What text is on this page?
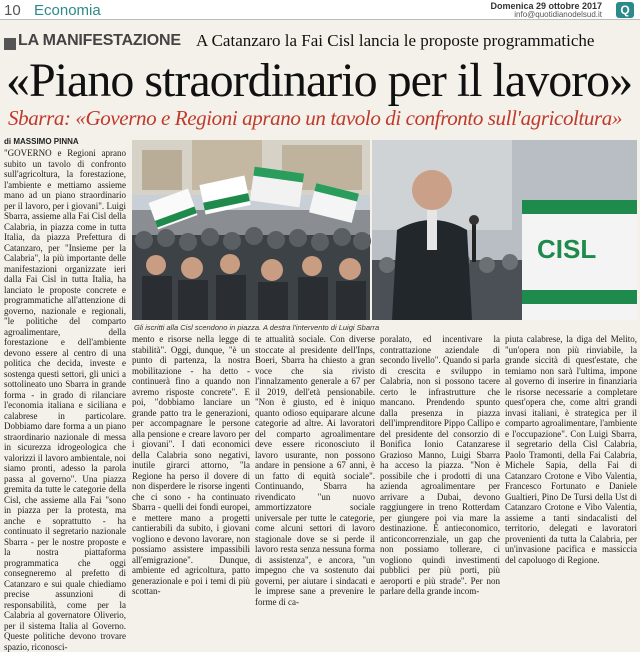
10 Economia	Domenica 29 ottobre 2017
info@quotidianodelsud.it	Q
LA MANIFESTAZIONE A Catanzaro la Fai Cisl lancia le proposte programmatiche
«Piano straordinario per il lavoro»
Sbarra: «Governo e Regioni aprano un tavolo di confronto sull'agricoltura»
di MASSIMO PINNA
CISL
Gli iscritti alla Cisl scendono in piazza. A destra l'intervento di Luigi Sbarra
"GOVERNO e Regioni aprano subito un tavolo di confronto sull'agricoltura, la forestazione, l'ambiente e mettiamo assieme mano ad un piano straordinario per il lavoro, per i giovani". Luigi Sbarra, assieme alla Fai Cisl della Calabria, in piazza come in tutta Italia, da piazza Prefettura di Catanzaro, per "Insieme per la Calabria", la più importante delle manifestazioni organizzate ieri dalla Fai Cisl in tutta Italia, ha lanciato le proposte concrete e programmatiche all'attenzione di governo, nazionale e regionali, "le politiche del comparto agroalimentare, della forestazione e dell'ambiente devono essere al centro di una politica che decida, investe e sostenga questi settori, gli unici a sottolineato uno Sbarra in grande forma - in grado di rilanciare l'economia italiana e siciliana e calabrese in particolare. Dobbiamo dare forma a un piano straordinario nazionale di messa in sicurezza idrogeologica che valorizzi il lavoro ambientale, noi siamo pronti, adesso la parola passa al governo". Una piazza gremita da tutte le categorie della Cisl, che assieme alla Fai "sono in piazza per la protesta, ma anche e soprattutto - ha continuato il segretario nazionale Sbarra - per le nostre proposte e la nostra piattaforma programmatica che oggi consegneremo al prefetto di Catanzaro e sui quale chiediamo precise assunzioni di responsabilità, come per la Calabria al governatore Oliverio, per il sistema Italia al Governo. Queste politiche devono trovare spazio, riconosci-
mento e risorse nella legge di stabilità". Oggi, dunque, "è un punto di partenza, la nostra mobilitazione - ha detto - continuerà fino a quando non avremo risposte concrete". E poi, "dobbiamo lanciare un grande patto tra le generazioni, per accompagnare le persone alla pensione e creare lavoro per i giovani". I dati economici della Calabria sono negativi, inutile girarci attorno, "la Regione ha perso il dovere di non disperdere le risorse ingenti che ci sono - ha continuato Sbarra - quelli dei fondi europei, e mettere mano a progetti cantierabili da subito, i giovani vogliono e devono lavorare, non possiamo assistere impassibili all'emigrazione". Dunque, ambiente ed agricoltura, patto generazionale e poi i temi di più scottan-
te attualità sociale. Con diverse stoccate al presidente dell'Inps, Boeri, Sbarra ha chiesto a gran voce che sia rivisto l'innalzamento generale a 67 per il 2019, dell'età pensionabile. "Non è giusto, ed è iniquo quanto odioso equiparare alcune categorie ad altre. Ai lavoratori del comparto agroalimentare deve essere riconosciuto il lavoro usurante, non possono andare in pensione a 67 anni, è un fatto di equità sociale". Continuando, Sbarra ha rivendicato "un nuovo ammortizzatore sociale universale per tutte le categorie, come alcuni settori di lavoro stagionale dove se si perde il lavoro resta senza nessuna forma di assistenza", e ancora, "un impegno che va sostenuto dai governi, per aiutare i sindacati e le imprese sane a prevenire le forme di ca-
poralato, ed incentivare la contrattazione aziendale di secondo livello". Quando si parla di crescita e sviluppo in Calabria, non si possono tacere certo le infrastrutture che mancano. Prendendo spunto dalla presenza in piazza dell'imprenditore Pippo Callipo e del presidente del consorzio di Bonifica Ionio Catanzarese Grazioso Manno, Luigi Sbarra ha acceso la piazza. "Non è possibile che i prodotti di una azienda agroalimentare per arrivare a Dubai, devono raggiungere in treno Rotterdam per giungere poi via mare la destinazione. È antieconomico, anticoncorrenziale, un gap che non possiamo tollerare, ci vogliono quindi investimenti pubblici per più porti, più aeroporti e più strade". Per non parlare della grande incom-
piuta calabrese, la diga del Melito, "un'opera non più rinviabile, la grande siccità di quest'estate, che temiamo non sarà l'ultima, impone al governo di inserire in finanziaria le risorse necessarie a completare quest'opera che, come altri grandi invasi italiani, è strategica per il comparto agroalimentare, l'ambiente e l'occupazione". Con Luigi Sbarra, il segretario della Cisl Calabria, Paolo Tramonti, della Fai Calabria, Michele Sapia, della Fai di Catanzaro Crotone e Vibo Valentia, Francesco Fortunato e Daniele Gualtieri, Pino De Tursi della Ust di Catanzaro Crotone e Vibo Valentia, assieme a tanti sindacalisti del territorio, delegati e lavoratori provenienti da tutta la Calabria, per un'invasione pacifica e massiccia del capoluogo di Regione.
